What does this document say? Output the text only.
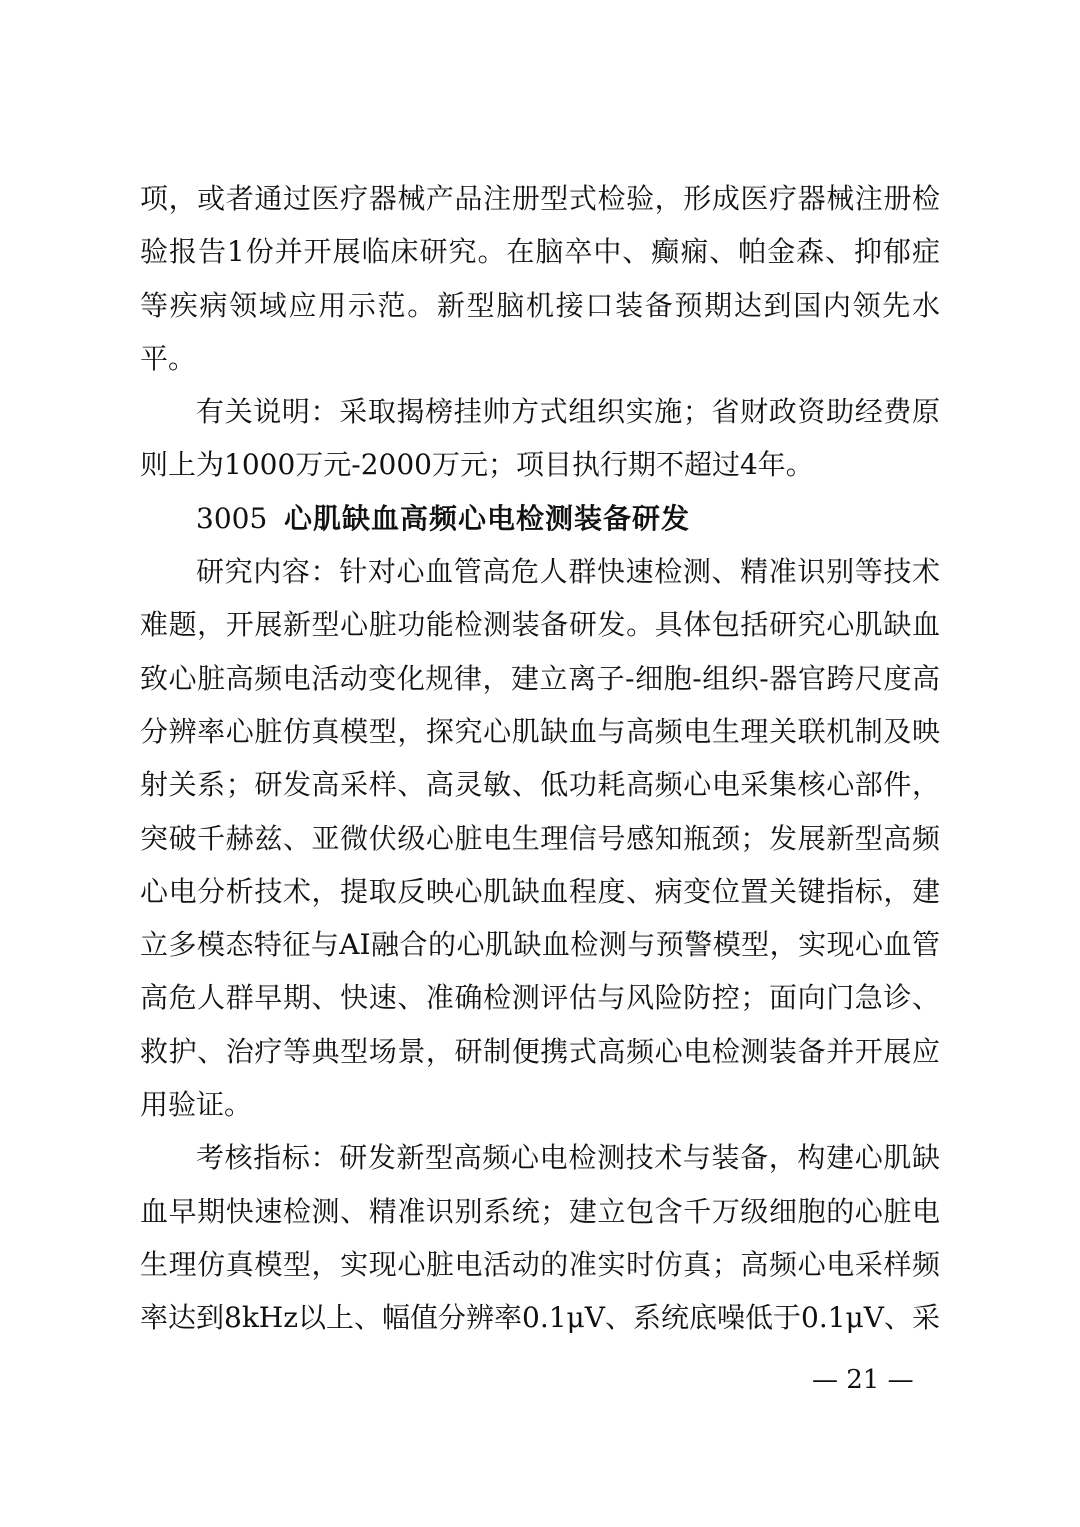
项，或者通过医疗器械产品注册型式检验，形成医疗器械注册检
验报告1份并开展临床研究。在脑卒中、癫痫、帕金森、抑郁症
等疾病领域应用示范。新型脑机接口装备预期达到国内领先水
平。
有关说明：采取揭榜挂帅方式组织实施；省财政资助经费原
则上为1000万元-2000万元；项目执行期不超过4年。
3005 心肌缺血高频心电检测装备研发
研究内容：针对心血管高危人群快速检测、精准识别等技术
难题，开展新型心脏功能检测装备研发。具体包括研究心肌缺血
致心脏高频电活动变化规律，建立离子-细胞-组织-器官跨尺度高
分辨率心脏仿真模型，探究心肌缺血与高频电生理关联机制及映
射关系；研发高采样、高灵敏、低功耗高频心电采集核心部件，
突破千赫兹、亚微伏级心脏电生理信号感知瓶颈；发展新型高频
心电分析技术，提取反映心肌缺血程度、病变位置关键指标，建
立多模态特征与AI融合的心肌缺血检测与预警模型，实现心血管
高危人群早期、快速、准确检测评估与风险防控；面向门急诊、
救护、治疗等典型场景，研制便携式高频心电检测装备并开展应
用验证。
考核指标：研发新型高频心电检测技术与装备，构建心肌缺
血早期快速检测、精准识别系统；建立包含千万级细胞的心脏电
生理仿真模型，实现心脏电活动的准实时仿真；高频心电采样频
率达到8kHz以上、幅值分辨率0.1μV、系统底噪低于0.1μV、采
— 21 —
